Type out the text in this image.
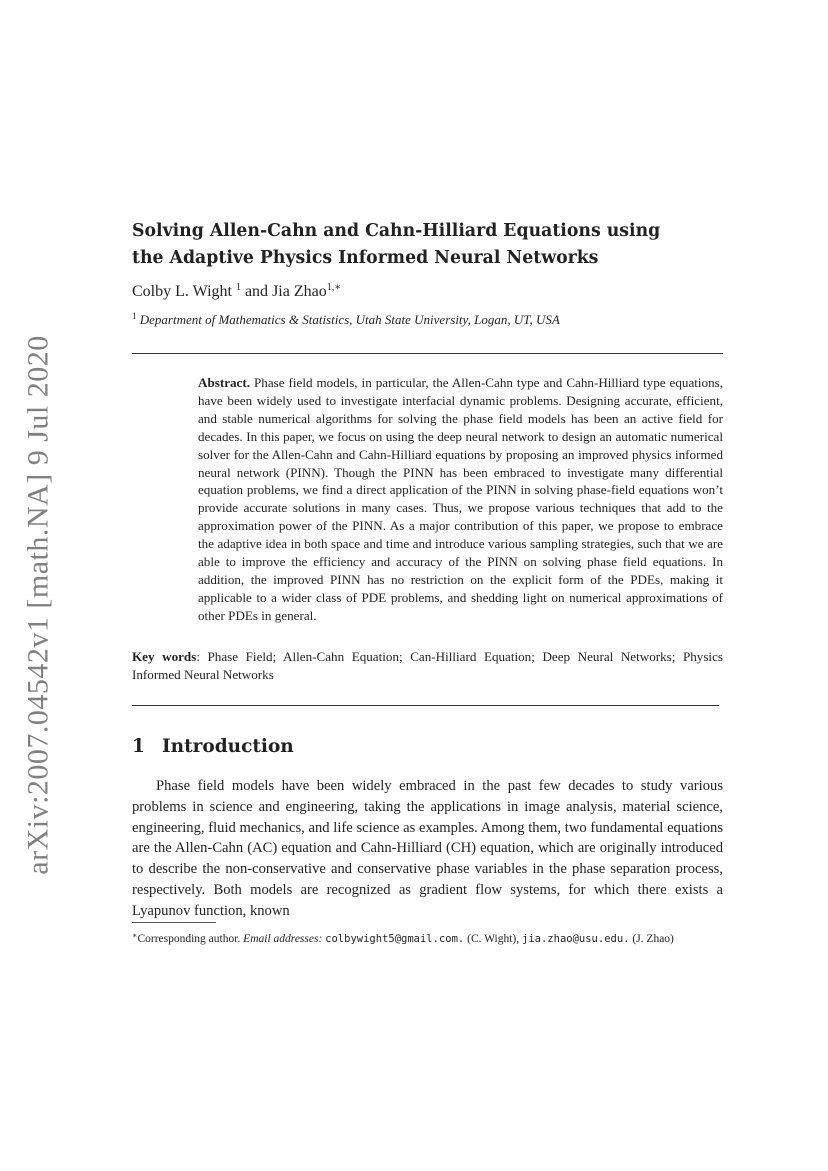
arXiv:2007.04542v1 [math.NA] 9 Jul 2020
Solving Allen-Cahn and Cahn-Hilliard Equations using the Adaptive Physics Informed Neural Networks
Colby L. Wight $^1$ and Jia Zhao$^{1,∗}$
$^1$ Department of Mathematics & Statistics, Utah State University, Logan, UT, USA

Abstract. Phase field models, in particular, the Allen-Cahn type and Cahn-Hilliard type equations, have been widely used to investigate interfacial dynamic problems. Designing accurate, efficient, and stable numerical algorithms for solving the phase field models has been an active field for decades. In this paper, we focus on using the deep neural network to design an automatic numerical solver for the Allen-Cahn and Cahn-Hilliard equations by proposing an improved physics informed neural network (PINN). Though the PINN has been embraced to investigate many differential equation problems, we find a direct application of the PINN in solving phase-field equations won’t provide accurate solutions in many cases. Thus, we propose various techniques that add to the approximation power of the PINN. As a major contribution of this paper, we propose to embrace the adaptive idea in both space and time and introduce various sampling strategies, such that we are able to improve the efficiency and accuracy of the PINN on solving phase field equations. In addition, the improved PINN has no restriction on the explicit form of the PDEs, making it applicable to a wider class of PDE problems, and shedding light on numerical approximations of other PDEs in general.

Key words: Phase Field; Allen-Cahn Equation; Can-Hilliard Equation; Deep Neural Networks; Physics Informed Neural Networks

1 Introduction

Phase field models have been widely embraced in the past few decades to study various problems in science and engineering, taking the applications in image analysis, material science, engineering, fluid mechanics, and life science as examples. Among them, two fundamental equations are the Allen-Cahn (AC) equation and Cahn-Hilliard (CH) equation, which are originally introduced to describe the non-conservative and conservative phase variables in the phase separation process, respectively. Both models are recognized as gradient flow systems, for which there exists a Lyapunov function, known

∗Corresponding author. Email addresses: colbywight5@gmail.com. (C. Wight), jia.zhao@usu.edu. (J. Zhao)
